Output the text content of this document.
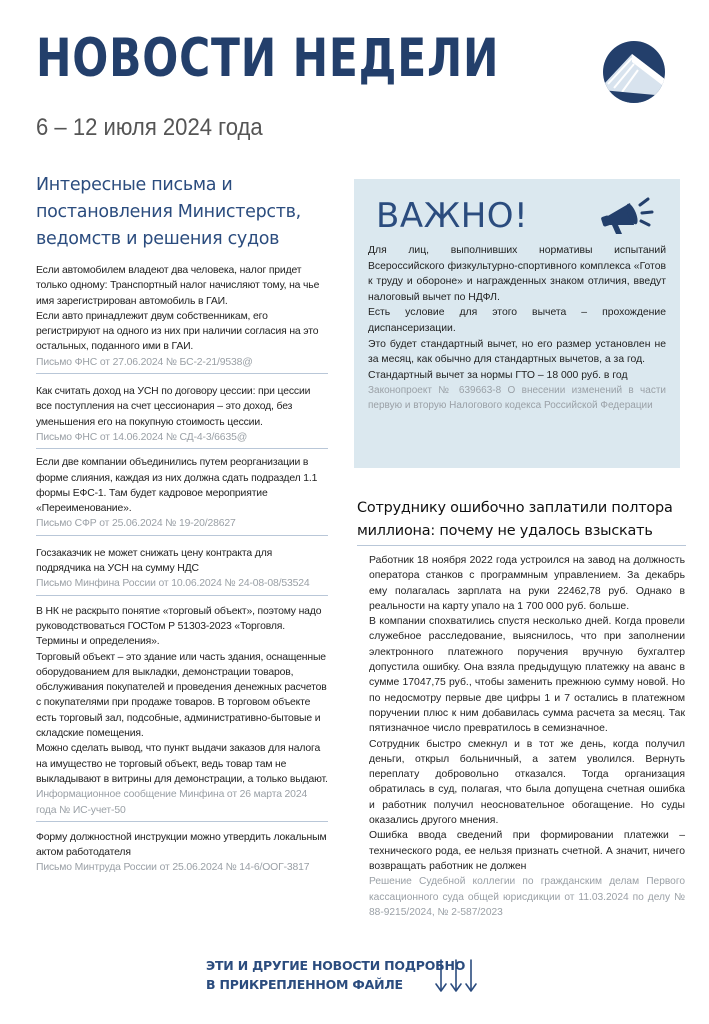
НОВОСТИ НЕДЕЛИ
6 – 12 июля 2024 года
Интересные письма и постановления Министерств, ведомств и решения судов

Если автомобилем владеют два человека, налог придет только одному: Транспортный налог начисляют тому, на чье имя зарегистрирован автомобиль в ГАИ.

Если авто принадлежит двум собственникам, его регистрируют на одного из них при наличии согласия на это остальных, поданного ими в ГАИ.

Письмо ФНС от 27.06.2024 № БС-2-21/9538@

Как считать доход на УСН по договору цессии: при цессии все поступления на счет цессионария – это доход, без уменьшения его на покупную стоимость цессии.

Письмо ФНС от 14.06.2024 № СД-4-3/6635@

Если две компании объединились путем реорганизации в форме слияния, каждая из них должна сдать подраздел 1.1 формы ЕФС-1. Там будет кадровое мероприятие «Переименование».

Письмо СФР от 25.06.2024 № 19-20/28627

Госзаказчик не может снижать цену контракта для подрядчика на УСН на сумму НДС

Письмо Минфина России от 10.06.2024 № 24-08-08/53524

В НК не раскрыто понятие «торговый объект», поэтому надо руководствоваться ГОСТом Р 51303-2023 «Торговля. Термины и определения».

Торговый объект – это здание или часть здания, оснащенные оборудованием для выкладки, демонстрации товаров, обслуживания покупателей и проведения денежных расчетов с покупателями при продаже товаров. В торговом объекте есть торговый зал, подсобные, административно-бытовые и складские помещения.

Можно сделать вывод, что пункт выдачи заказов для налога на имущество не торговый объект, ведь товар там не выкладывают в витрины для демонстрации, а только выдают.

Информационное сообщение Минфина от 26 марта 2024 года № ИС-учет-50

Форму должностной инструкции можно утвердить локальным актом работодателя

Письмо Минтруда России от 25.06.2024 № 14-6/ООГ-3817

ВАЖНО!

Для лиц, выполнивших нормативы испытаний Всероссийского физкультурно-спортивного комплекса «Готов к труду и обороне» и награжденных знаком отличия, введут налоговый вычет по НДФЛ.

Есть условие для этого вычета – прохождение диспансеризации.

Это будет стандартный вычет, но его размер установлен не за месяц, как обычно для стандартных вычетов, а за год.

Стандартный вычет за нормы ГТО – 18 000 руб. в год

Законопроект № 639663-8 О внесении изменений в части первую и вторую Налогового кодекса Российской Федерации

Сотруднику ошибочно заплатили полтора миллиона: почему не удалось взыскать

Работник 18 ноября 2022 года устроился на завод на должность оператора станков с программным управлением. За декабрь ему полагалась зарплата на руки 22462,78 руб. Однако в реальности на карту упало на 1 700 000 руб. больше.

В компании спохватились спустя несколько дней. Когда провели служебное расследование, выяснилось, что при заполнении электронного платежного поручения вручную бухгалтер допустила ошибку. Она взяла предыдущую платежку на аванс в сумме 17047,75 руб., чтобы заменить прежнюю сумму новой. Но по недосмотру первые две цифры 1 и 7 остались в платежном поручении плюс к ним добавилась сумма расчета за месяц. Так пятизначное число превратилось в семизначное.

Сотрудник быстро смекнул и в тот же день, когда получил деньги, открыл больничный, а затем уволился. Вернуть переплату добровольно отказался. Тогда организация обратилась в суд, полагая, что была допущена счетная ошибка и работник получил неосновательное обогащение. Но суды оказались другого мнения.

Ошибка ввода сведений при формировании платежки – технического рода, ее нельзя признать счетной. А значит, ничего возвращать работник не должен

Решение Судебной коллегии по гражданским делам Первого кассационного суда общей юрисдикции от 11.03.2024 по делу № 88-9215/2024, № 2-587/2023

ЭТИ И ДРУГИЕ НОВОСТИ ПОДРОБНО
В ПРИКРЕПЛЕННОМ ФАЙЛЕ
